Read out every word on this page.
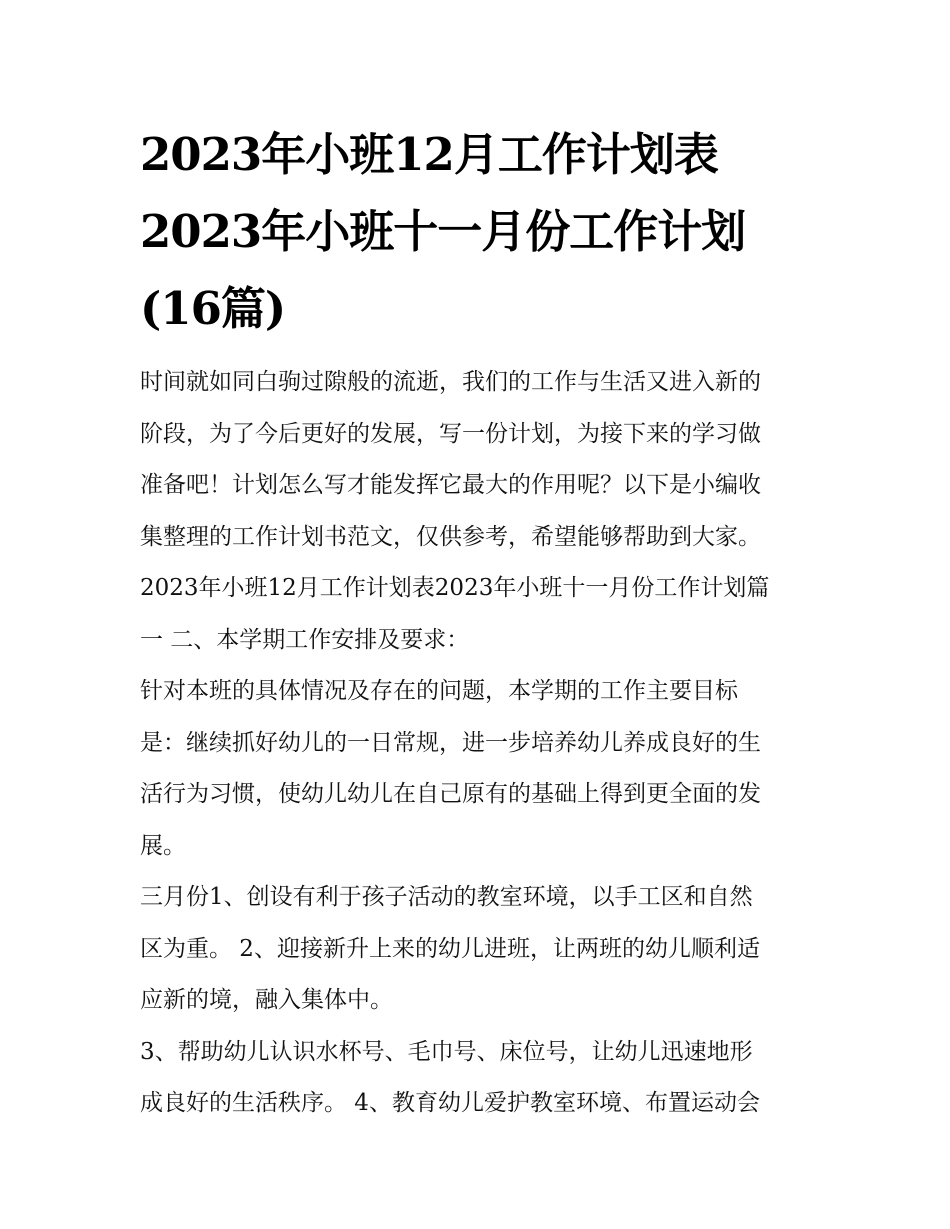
2023年小班12月工作计划表
2023年小班十一月份工作计划
(16篇)
时间就如同白驹过隙般的流逝，我们的工作与生活又进入新的
阶段，为了今后更好的发展，写一份计划，为接下来的学习做
准备吧！计划怎么写才能发挥它最大的作用呢？以下是小编收
集整理的工作计划书范文，仅供参考，希望能够帮助到大家。
2023年小班12月工作计划表2023年小班十一月份工作计划篇
一 二、本学期工作安排及要求：
针对本班的具体情况及存在的问题，本学期的工作主要目标
是：继续抓好幼儿的一日常规，进一步培养幼儿养成良好的生
活行为习惯，使幼儿幼儿在自己原有的基础上得到更全面的发
展。
三月份1、创设有利于孩子活动的教室环境，以手工区和自然
区为重。 2、迎接新升上来的幼儿进班，让两班的幼儿顺利适
应新的境，融入集体中。
3、帮助幼儿认识水杯号、毛巾号、床位号，让幼儿迅速地形
成良好的生活秩序。 4、教育幼儿爱护教室环境、布置运动会
